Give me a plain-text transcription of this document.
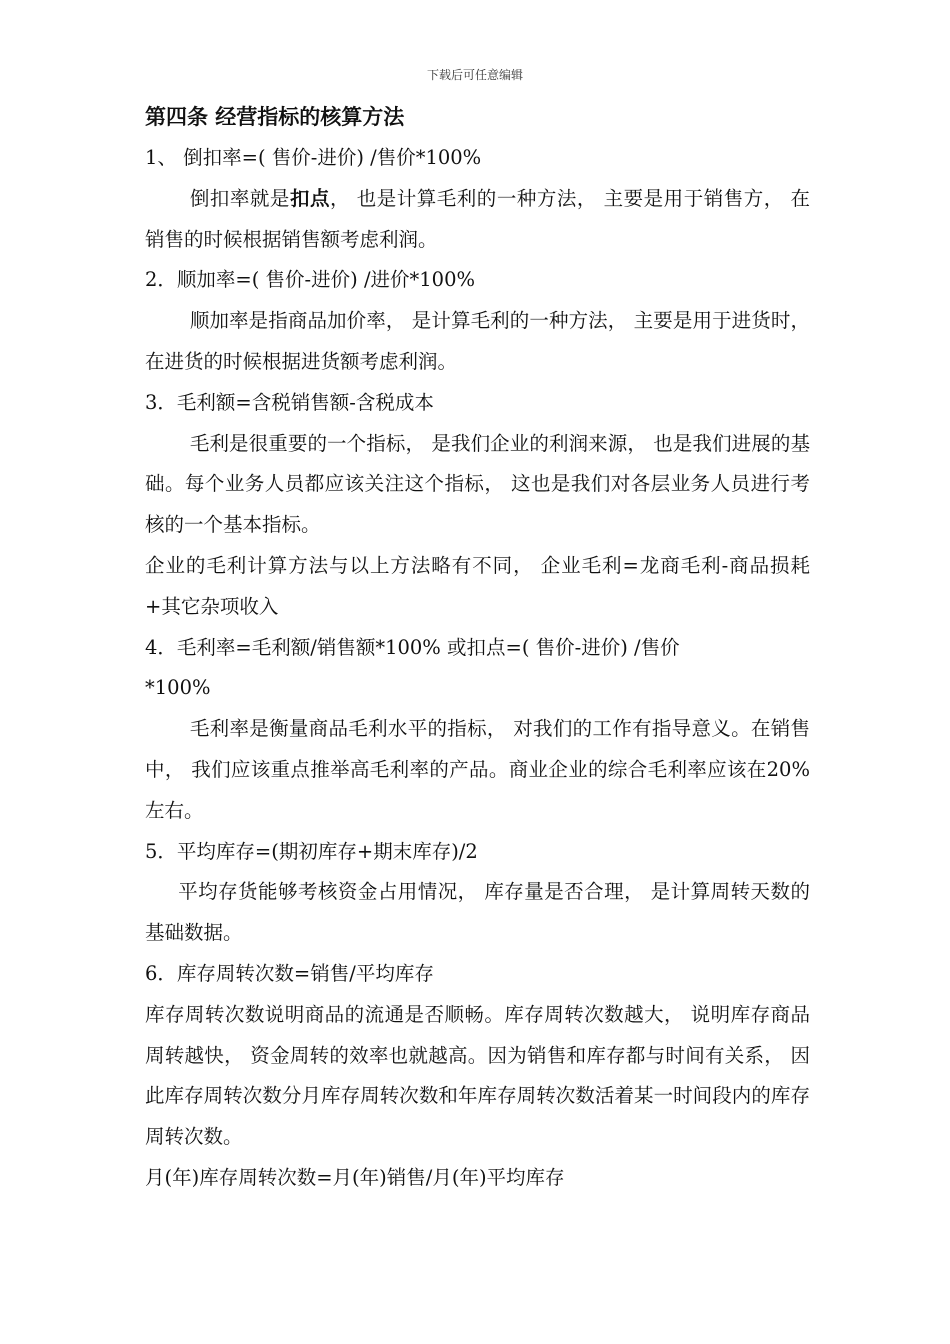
下载后可任意编辑
第四条 经营指标的核算方法

1、 倒扣率=( 售价-进价) /售价*100%

倒扣率就是扣点， 也是计算毛利的一种方法， 主要是用于销售方， 在销售的时候根据销售额考虑利润。

2．顺加率=( 售价-进价) /进价*100%

顺加率是指商品加价率， 是计算毛利的一种方法， 主要是用于进货时， 在进货的时候根据进货额考虑利润。

3．毛利额=含税销售额-含税成本

毛利是很重要的一个指标， 是我们企业的利润来源， 也是我们进展的基础。每个业务人员都应该关注这个指标， 这也是我们对各层业务人员进行考核的一个基本指标。

企业的毛利计算方法与以上方法略有不同， 企业毛利=龙商毛利-商品损耗+其它杂项收入

4．毛利率=毛利额/销售额*100% 或扣点=( 售价-进价) /售价

*100%

毛利率是衡量商品毛利水平的指标， 对我们的工作有指导意义。在销售中， 我们应该重点推举高毛利率的产品。商业企业的综合毛利率应该在20%左右。

5．平均库存=(期初库存+期末库存)/2

平均存货能够考核资金占用情况， 库存量是否合理， 是计算周转天数的基础数据。

6．库存周转次数=销售/平均库存

库存周转次数说明商品的流通是否顺畅。库存周转次数越大， 说明库存商品周转越快， 资金周转的效率也就越高。因为销售和库存都与时间有关系， 因此库存周转次数分月库存周转次数和年库存周转次数活着某一时间段内的库存周转次数。

月(年)库存周转次数=月(年)销售/月(年)平均库存
